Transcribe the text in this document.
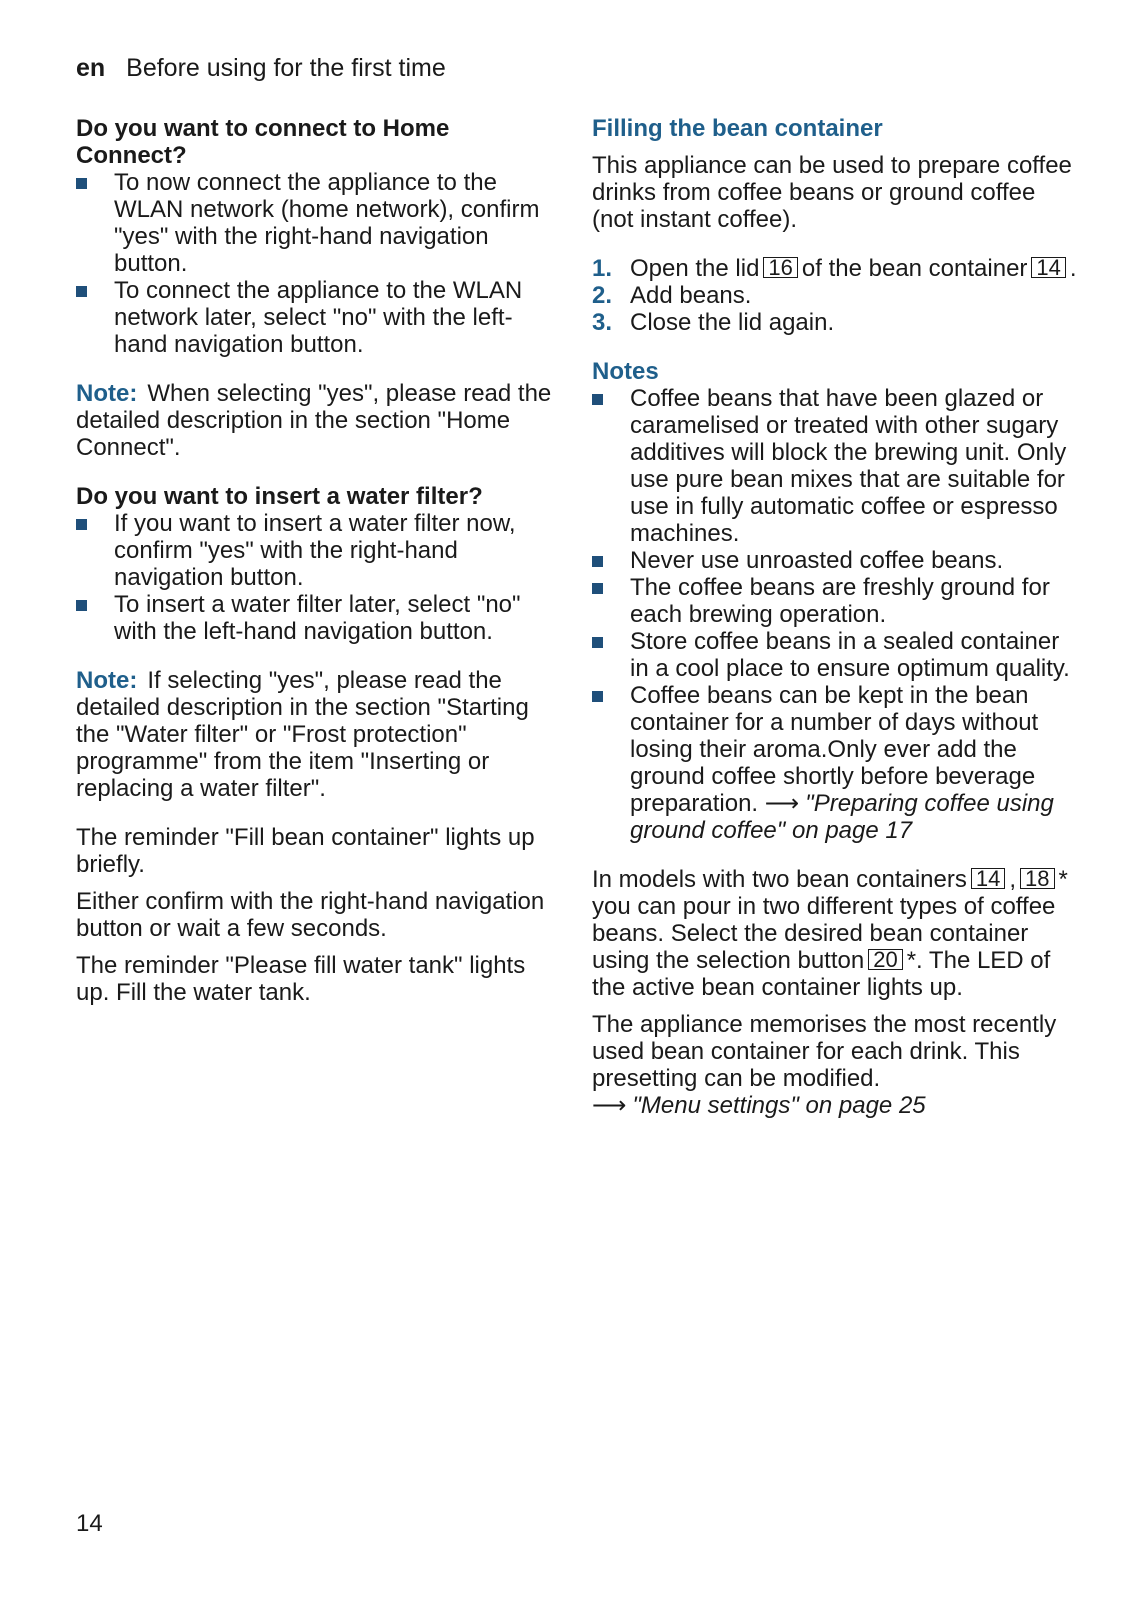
en Before using for the first time
Do you want to connect to Home Connect?
To now connect the appliance to the WLAN network (home network), confirm "yes" with the right-hand navigation button.
To connect the appliance to the WLAN network later, select "no" with the left-hand navigation button.

Note: When selecting "yes", please read the detailed description in the section "Home Connect".

Do you want to insert a water filter?
If you want to insert a water filter now, confirm "yes" with the right-hand navigation button.
To insert a water filter later, select "no" with the left-hand navigation button.

Note: If selecting "yes", please read the detailed description in the section "Starting the "Water filter" or "Frost protection" programme" from the item "Inserting or replacing a water filter".

The reminder "Fill bean container" lights up briefly.

Either confirm with the right-hand navigation button or wait a few seconds.

The reminder "Please fill water tank" lights up. Fill the water tank.

Filling the bean container

This appliance can be used to prepare coffee drinks from coffee beans or ground coffee (not instant coffee).

1. Open the lid 16 of the bean container 14 .
2. Add beans.
3. Close the lid again.
Notes
Coffee beans that have been glazed or caramelised or treated with other sugary additives will block the brewing unit. Only use pure bean mixes that are suitable for use in fully automatic coffee or espresso machines.
Never use unroasted coffee beans.
The coffee beans are freshly ground for each brewing operation.
Store coffee beans in a sealed container in a cool place to ensure optimum quality.
Coffee beans can be kept in the bean container for a number of days without losing their aroma.Only ever add the ground coffee shortly before beverage preparation. ⟶ "Preparing coffee using ground coffee" on page 17

In models with two bean containers 14 , 18 * you can pour in two different types of coffee beans. Select the desired bean container using the selection button 20 *. The LED of the active bean container lights up.

The appliance memorises the most recently used bean container for each drink. This presetting can be modified.
⟶ "Menu settings" on page 25

14
